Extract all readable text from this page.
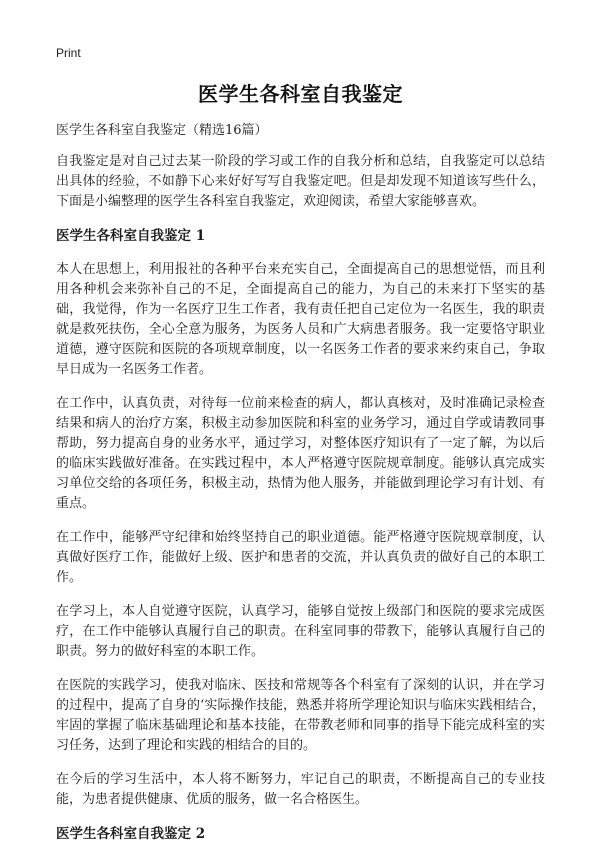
Print
医学生各科室自我鉴定

医学生各科室自我鉴定（精选16篇）

自我鉴定是对自己过去某一阶段的学习或工作的自我分析和总结，自我鉴定可以总结出具体的经验，不如静下心来好好写写自我鉴定吧。但是却发现不知道该写些什么，下面是小编整理的医学生各科室自我鉴定，欢迎阅读，希望大家能够喜欢。

医学生各科室自我鉴定 1

本人在思想上，利用报社的各种平台来充实自己，全面提高自己的思想觉悟，而且利用各种机会来弥补自己的不足，全面提高自己的能力，为自己的未来打下坚实的基础，我觉得，作为一名医疗卫生工作者，我有责任把自己定位为一名医生，我的职责就是救死扶伤，全心全意为服务，为医务人员和广大病患者服务。我一定要恪守职业道德，遵守医院和医院的各项规章制度，以一名医务工作者的要求来约束自己，争取早日成为一名医务工作者。

在工作中，认真负责，对待每一位前来检查的病人，都认真核对，及时准确记录检查结果和病人的治疗方案，积极主动参加医院和科室的业务学习，通过自学或请教同事帮助，努力提高自身的业务水平，通过学习，对整体医疗知识有了一定了解，为以后的临床实践做好准备。在实践过程中，本人严格遵守医院规章制度。能够认真完成实习单位交给的各项任务，积极主动，热情为他人服务，并能做到理论学习有计划、有重点。

在工作中，能够严守纪律和始终坚持自己的职业道德。能严格遵守医院规章制度，认真做好医疗工作，能做好上级、医护和患者的交流，并认真负责的做好自己的本职工作。

在学习上，本人自觉遵守医院，认真学习，能够自觉按上级部门和医院的要求完成医疗，在工作中能够认真履行自己的职责。在科室同事的带教下，能够认真履行自己的职责。努力的做好科室的本职工作。

在医院的实践学习，使我对临床、医技和常规等各个科室有了深刻的认识，并在学习的过程中，提高了自身的‘实际操作技能，熟悉并将所学理论知识与临床实践相结合，牢固的掌握了临床基础理论和基本技能，在带教老师和同事的指导下能完成科室的实习任务，达到了理论和实践的相结合的目的。

在今后的学习生活中，本人将不断努力，牢记自己的职责，不断提高自己的专业技能，为患者提供健康、优质的服务，做一名合格医生。

医学生各科室自我鉴定 2
